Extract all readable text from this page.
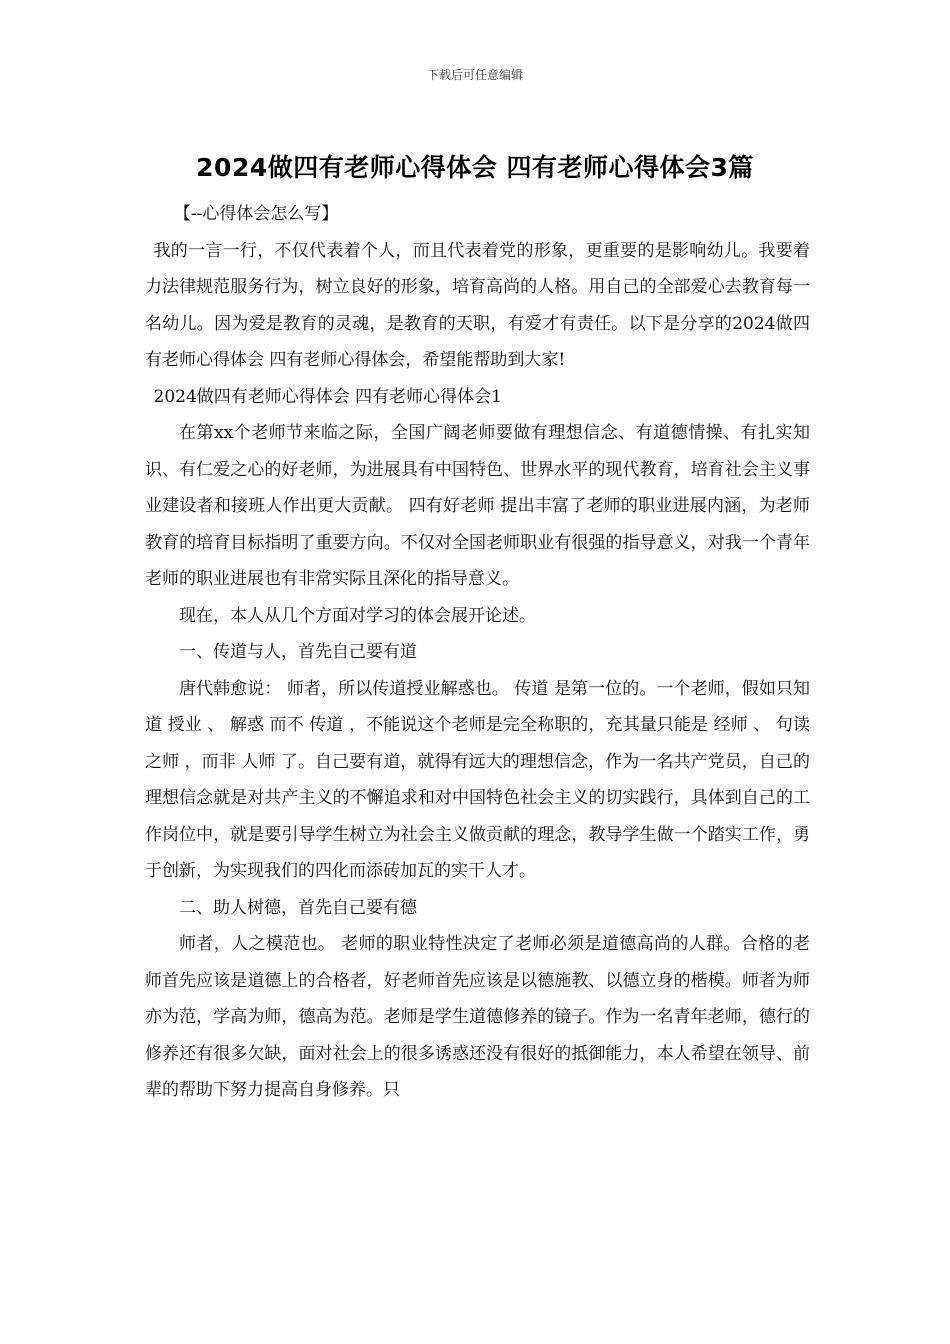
下载后可任意编辑
2024做四有老师心得体会 四有老师心得体会3篇

【--心得体会怎么写】

我的一言一行，不仅代表着个人，而且代表着党的形象，更重要的是影响幼儿。我要着力法律规范服务行为，树立良好的形象，培育高尚的人格。用自己的全部爱心去教育每一名幼儿。因为爱是教育的灵魂，是教育的天职，有爱才有责任。以下是分享的2024做四有老师心得体会 四有老师心得体会，希望能帮助到大家!

2024做四有老师心得体会 四有老师心得体会1

在第xx个老师节来临之际，全国广阔老师要做有理想信念、有道德情操、有扎实知识、有仁爱之心的好老师，为进展具有中国特色、世界水平的现代教育，培育社会主义事业建设者和接班人作出更大贡献。 四有好老师 提出丰富了老师的职业进展内涵，为老师教育的培育目标指明了重要方向。不仅对全国老师职业有很强的指导意义，对我一个青年老师的职业进展也有非常实际且深化的指导意义。

现在，本人从几个方面对学习的体会展开论述。

一、传道与人，首先自己要有道

唐代韩愈说： 师者，所以传道授业解惑也。 传道 是第一位的。一个老师，假如只知道 授业 、 解惑 而不 传道 ，不能说这个老师是完全称职的，充其量只能是 经师 、 句读之师 ，而非 人师 了。自己要有道，就得有远大的理想信念，作为一名共产党员，自己的理想信念就是对共产主义的不懈追求和对中国特色社会主义的切实践行，具体到自己的工作岗位中，就是要引导学生树立为社会主义做贡献的理念，教导学生做一个踏实工作，勇于创新，为实现我们的四化而添砖加瓦的实干人才。

二、助人树德，首先自己要有德

师者，人之模范也。 老师的职业特性决定了老师必须是道德高尚的人群。合格的老师首先应该是道德上的合格者，好老师首先应该是以德施教、以德立身的楷模。师者为师亦为范，学高为师，德高为范。老师是学生道德修养的镜子。作为一名青年老师，德行的修养还有很多欠缺，面对社会上的很多诱惑还没有很好的抵御能力，本人希望在领导、前辈的帮助下努力提高自身修养。只
